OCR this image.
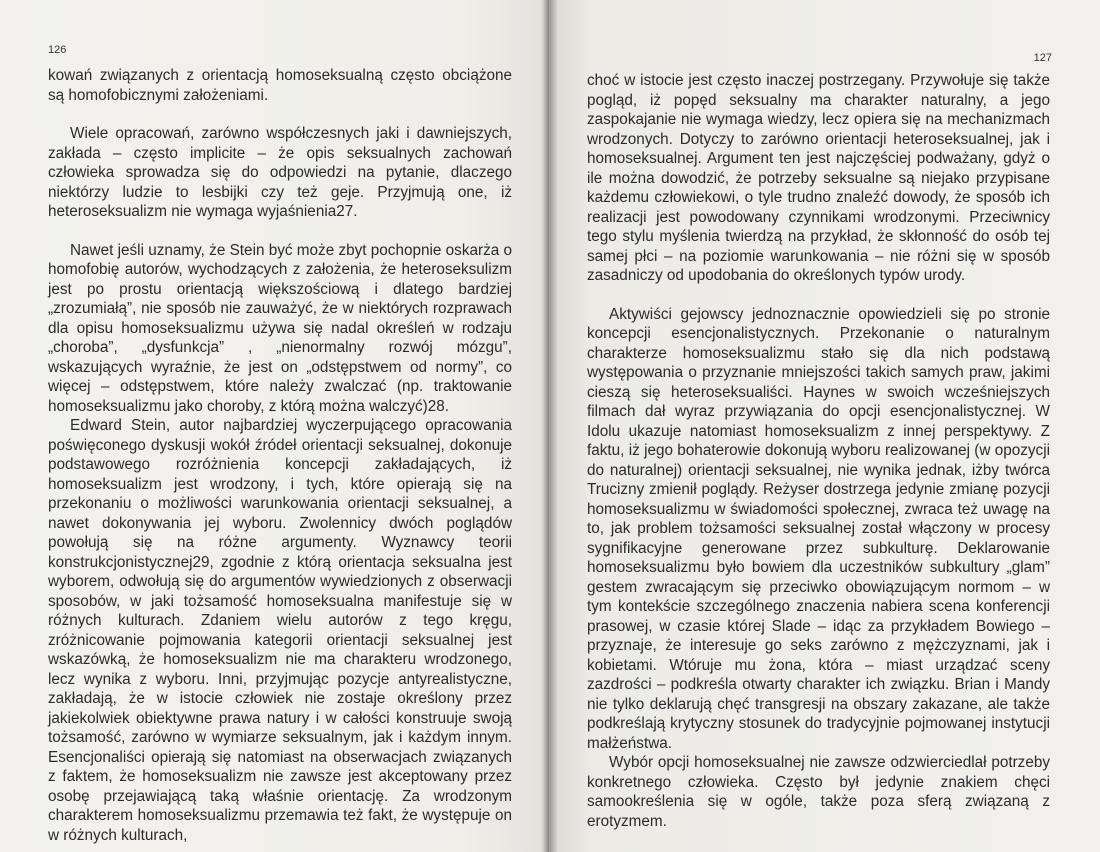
126

kowań związanych z orientacją homoseksualną często obciążone są homofobicznymi założeniami.

Wiele opracowań, zarówno współczesnych jaki i dawniejszych, zakłada – często implicite – że opis seksualnych zachowań człowieka sprowadza się do odpowiedzi na pytanie, dlaczego niektórzy ludzie to lesbijki czy też geje. Przyjmują one, iż heteroseksualizm nie wymaga wyjaśnienia27.

Nawet jeśli uznamy, że Stein być może zbyt pochopnie oskarża o homofobię autorów, wychodzących z założenia, że heteroseksulizm jest po prostu orientacją większościową i dlatego bardziej „zrozumiałą”, nie sposób nie zauważyć, że w niektórych rozprawach dla opisu homoseksualizmu używa się nadal określeń w rodzaju „choroba”, „dysfunkcja” , „nienormalny rozwój mózgu”, wskazujących wyraźnie, że jest on „odstępstwem od normy”, co więcej – odstępstwem, które należy zwalczać (np. traktowanie homoseksualizmu jako choroby, z którą można walczyć)28.

Edward Stein, autor najbardziej wyczerpującego opracowania poświęconego dyskusji wokół źródeł orientacji seksualnej, dokonuje podstawowego rozróżnienia koncepcji zakładających, iż homoseksualizm jest wrodzony, i tych, które opierają się na przekonaniu o możliwości warunkowania orientacji seksualnej, a nawet dokonywania jej wyboru. Zwolennicy dwóch poglądów powołują się na różne argumenty. Wyznawcy teorii konstrukcjonistycznej29, zgodnie z którą orientacja seksualna jest wyborem, odwołują się do argumentów wywiedzionych z obserwacji sposobów, w jaki tożsamość homoseksualna manifestuje się w różnych kulturach. Zdaniem wielu autorów z tego kręgu, zróżnicowanie pojmowania kategorii orientacji seksualnej jest wskazówką, że homoseksualizm nie ma charakteru wrodzonego, lecz wynika z wyboru. Inni, przyjmując pozycje antyrealistyczne, zakładają, że w istocie człowiek nie zostaje określony przez jakiekolwiek obiektywne prawa natury i w całości konstruuje swoją tożsamość, zarówno w wymiarze seksualnym, jak i każdym innym. Esencjonaliści opierają się natomiast na obserwacjach związanych z faktem, że homoseksualizm nie zawsze jest akceptowany przez osobę przejawiającą taką właśnie orientację. Za wrodzonym charakterem homoseksualizmu przemawia też fakt, że występuje on w różnych kulturach,

127

choć w istocie jest często inaczej postrzegany. Przywołuje się także pogląd, iż popęd seksualny ma charakter naturalny, a jego zaspokajanie nie wymaga wiedzy, lecz opiera się na mechanizmach wrodzonych. Dotyczy to zarówno orientacji heteroseksualnej, jak i homoseksualnej. Argument ten jest najczęściej podważany, gdyż o ile można dowodzić, że potrzeby seksualne są niejako przypisane każdemu człowiekowi, o tyle trudno znaleźć dowody, że sposób ich realizacji jest powodowany czynnikami wrodzonymi. Przeciwnicy tego stylu myślenia twierdzą na przykład, że skłonność do osób tej samej płci – na poziomie warunkowania – nie różni się w sposób zasadniczy od upodobania do określonych typów urody.

Aktywiści gejowscy jednoznacznie opowiedzieli się po stronie koncepcji esencjonalistycznych. Przekonanie o naturalnym charakterze homoseksualizmu stało się dla nich podstawą występowania o przyznanie mniejszości takich samych praw, jakimi cieszą się heteroseksualiści. Haynes w swoich wcześniejszych filmach dał wyraz przywiązania do opcji esencjonalistycznej. W Idolu ukazuje natomiast homoseksualizm z innej perspektywy. Z faktu, iż jego bohaterowie dokonują wyboru realizowanej (w opozycji do naturalnej) orientacji seksualnej, nie wynika jednak, iżby twórca Trucizny zmienił poglądy. Reżyser dostrzega jedynie zmianę pozycji homoseksualizmu w świadomości społecznej, zwraca też uwagę na to, jak problem tożsamości seksualnej został włączony w procesy sygnifikacyjne generowane przez subkulturę. Deklarowanie homoseksualizmu było bowiem dla uczestników subkultury „glam” gestem zwracającym się przeciwko obowiązującym normom – w tym kontekście szczególnego znaczenia nabiera scena konferencji prasowej, w czasie której Slade – idąc za przykładem Bowiego – przyznaje, że interesuje go seks zarówno z mężczyznami, jak i kobietami. Wtóruje mu żona, która – miast urządzać sceny zazdrości – podkreśla otwarty charakter ich związku. Brian i Mandy nie tylko deklarują chęć transgresji na obszary zakazane, ale także podkreślają krytyczny stosunek do tradycyjnie pojmowanej instytucji małżeństwa.

Wybór opcji homoseksualnej nie zawsze odzwierciedlał potrzeby konkretnego człowieka. Często był jedynie znakiem chęci samookreślenia się w ogóle, także poza sferą związaną z erotyzmem.
